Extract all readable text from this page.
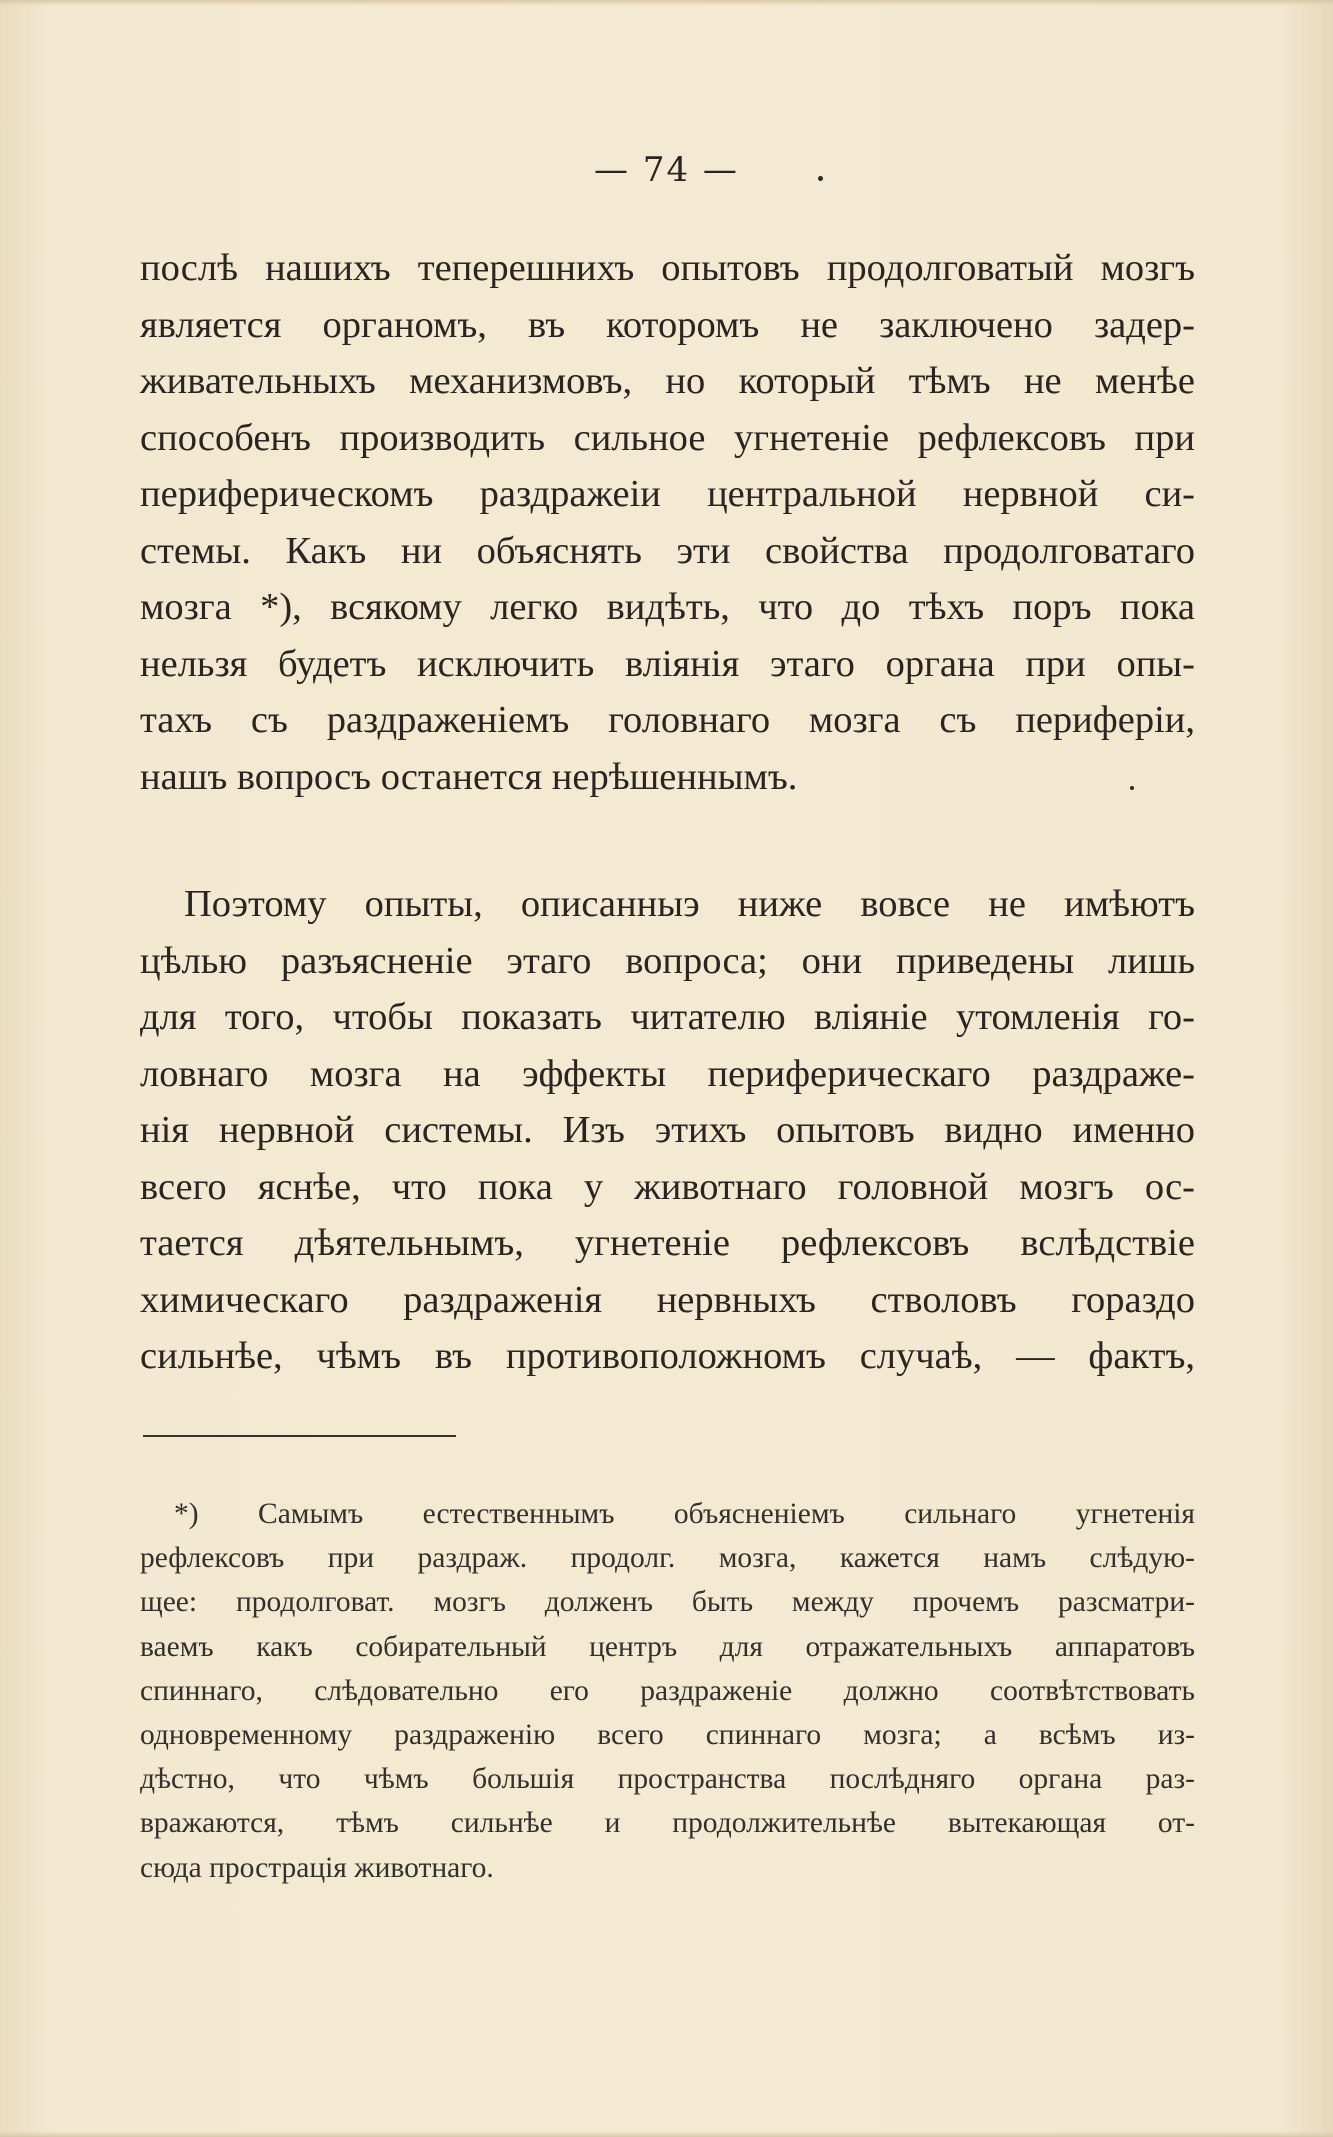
— 74 —
послѣ нашихъ теперешнихъ опытовъ продолговатый мозгъ
является органомъ, въ которомъ не заключено задер-
живательныхъ механизмовъ, но который тѣмъ не менѣе
способенъ производить сильное угнетеніе рефлексовъ при
периферическомъ раздражеіи центральной нервной си-
стемы. Какъ ни объяснять эти свойства продолговатаго
мозга *), всякому легко видѣть, что до тѣхъ поръ пока
нельзя будетъ исключить вліянія этаго органа при опы-
тахъ съ раздраженіемъ головнаго мозга съ периферіи,
нашъ вопросъ останется нерѣшеннымъ.
Поэтому опыты, описанныэ ниже вовсе не имѣютъ
цѣлью разъясненіе этаго вопроса; они приведены лишь
для того, чтобы показать читателю вліяніе утомленія го-
ловнаго мозга на эффекты периферическаго раздраже-
нія нервной системы. Изъ этихъ опытовъ видно именно
всего яснѣе, что пока у животнаго головной мозгъ ос-
тается дѣятельнымъ, угнетеніе рефлексовъ вслѣдствіе
химическаго раздраженія нервныхъ стволовъ гораздо
сильнѣе, чѣмъ въ противоположномъ случаѣ, — фактъ,
*) Самымъ естественнымъ объясненіемъ сильнаго угнетенія
рефлексовъ при раздраж. продолг. мозга, кажется намъ слѣдую-
щее: продолговат. мозгъ долженъ быть между прочемъ разсматри-
ваемъ какъ собирательный центръ для отражательныхъ аппаратовъ
спиннаго, слѣдовательно его раздраженіе должно соотвѣтствовать
одновременному раздраженію всего спиннаго мозга; а всѣмъ из-
дѣстно, что чѣмъ большія пространства послѣдняго органа раз-
вражаются, тѣмъ сильнѣе и продолжительнѣе вытекающая от-
сюда прострація животнаго.
